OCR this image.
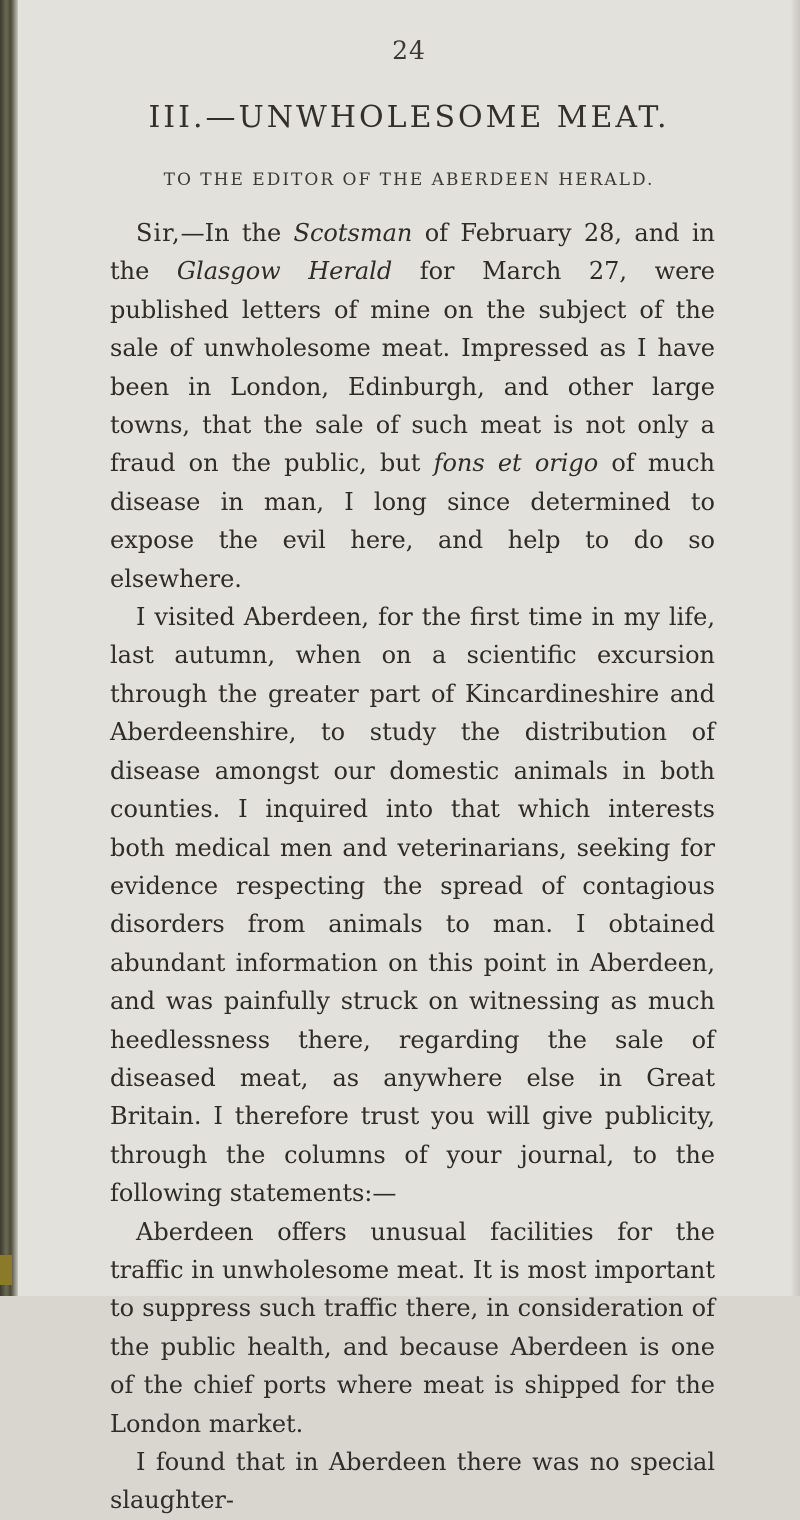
24
III.—UNWHOLESOME MEAT.
TO THE EDITOR OF THE ABERDEEN HERALD.

Sir,—In the Scotsman of February 28, and in the Glasgow Herald for March 27, were published letters of mine on the subject of the sale of unwholesome meat. Impressed as I have been in London, Edinburgh, and other large towns, that the sale of such meat is not only a fraud on the public, but fons et origo of much disease in man, I long since determined to expose the evil here, and help to do so elsewhere.

I visited Aberdeen, for the first time in my life, last autumn, when on a scientific excursion through the greater part of Kincardineshire and Aberdeenshire, to study the distribution of disease amongst our domestic animals in both counties. I inquired into that which interests both medical men and veterinarians, seeking for evidence respecting the spread of contagious disorders from animals to man. I obtained abundant information on this point in Aberdeen, and was painfully struck on witnessing as much heedlessness there, regarding the sale of diseased meat, as anywhere else in Great Britain. I therefore trust you will give publicity, through the columns of your journal, to the following statements:—

Aberdeen offers unusual facilities for the traffic in unwholesome meat. It is most important to suppress such traffic there, in consideration of the public health, and because Aberdeen is one of the chief ports where meat is shipped for the London market.

I found that in Aberdeen there was no special slaughter-
